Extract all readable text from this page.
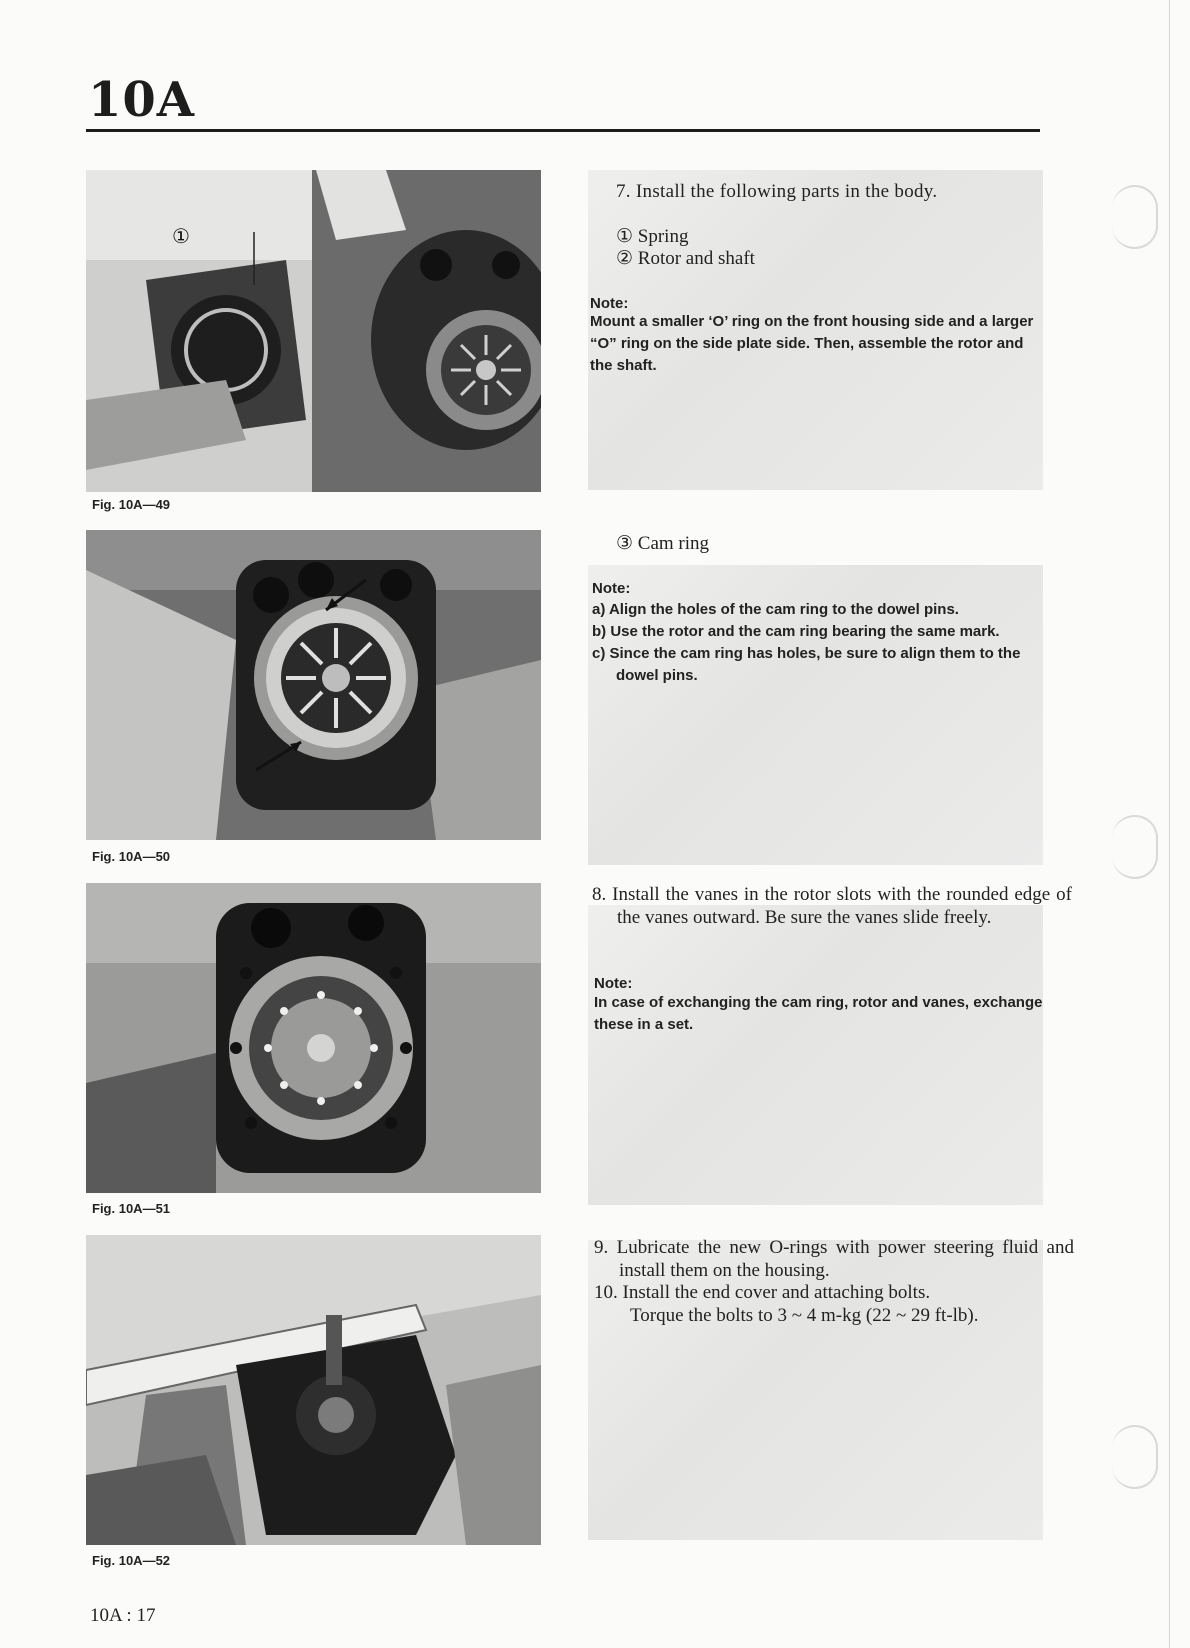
10A
①
Fig. 10A—49
Fig. 10A—50
Fig. 10A—51
Fig. 10A—52
7. Install the following parts in the body.
① Spring
② Rotor and shaft
Note:
Mount a smaller ‘O’ ring on the front housing side and a larger “O” ring on the side plate side. Then, assemble the rotor and the shaft.
③ Cam ring
Note:
a) Align the holes of the cam ring to the dowel pins.
b) Use the rotor and the cam ring bearing the same mark.
c) Since the cam ring has holes, be sure to align them to the dowel pins.
8. Install the vanes in the rotor slots with the rounded edge of the vanes outward. Be sure the vanes slide freely.
Note:
In case of exchanging the cam ring, rotor and vanes, exchange these in a set.
9. Lubricate the new O-rings with power steering fluid and install them on the housing.
10. Install the end cover and attaching bolts.
Torque the bolts to 3 ~ 4 m-kg (22 ~ 29 ft-lb).
10A : 17
